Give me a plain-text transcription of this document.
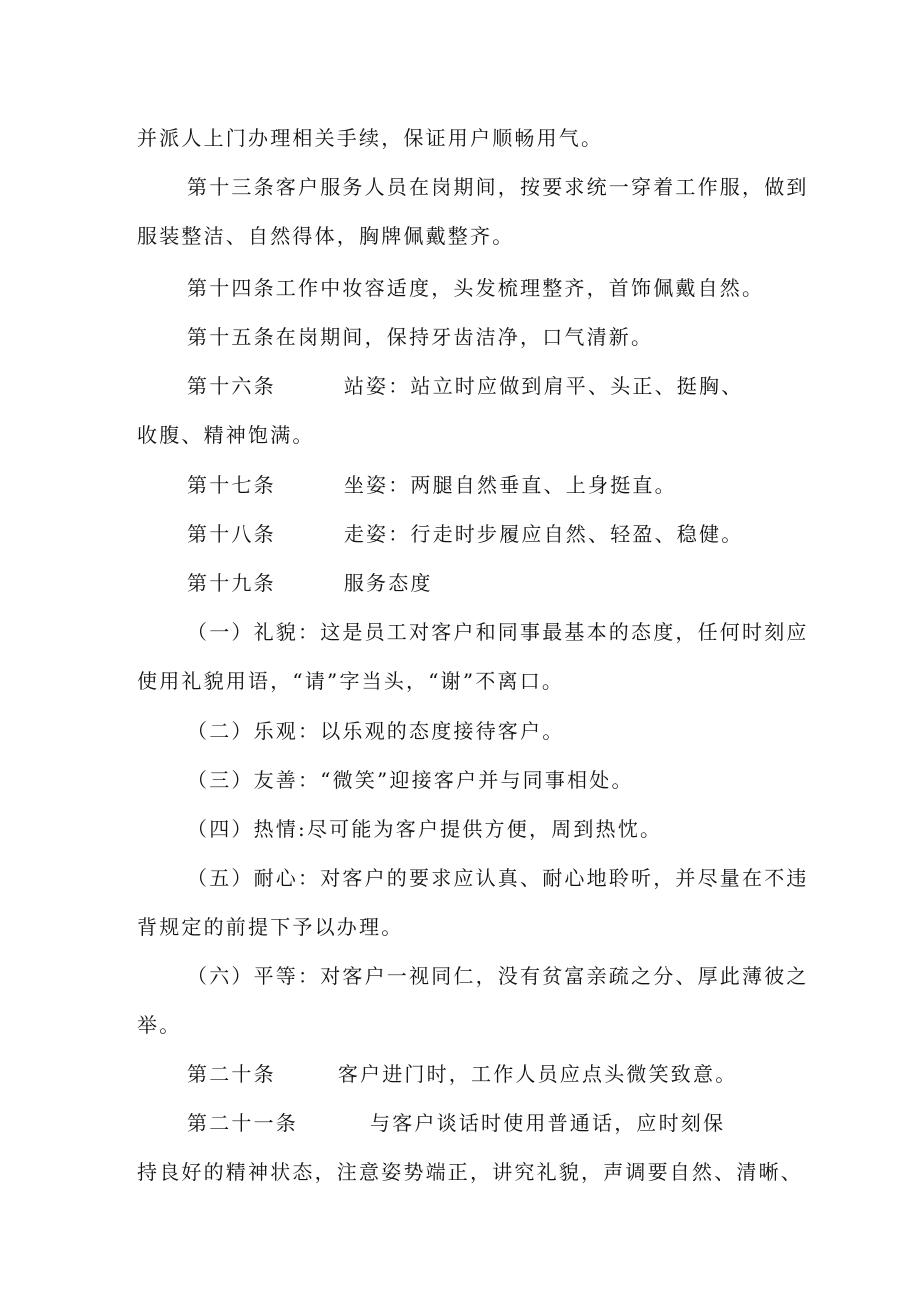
并派人上门办理相关手续，保证用户顺畅用气。
第十三条客户服务人员在岗期间，按要求统一穿着工作服，做到
服装整洁、自然得体，胸牌佩戴整齐。
第十四条工作中妆容适度，头发梳理整齐，首饰佩戴自然。
第十五条在岗期间，保持牙齿洁净，口气清新。
第十六条	站姿：站立时应做到肩平、头正、挺胸、
收腹、精神饱满。
第十七条	坐姿：两腿自然垂直、上身挺直。
第十八条	走姿：行走时步履应自然、轻盈、稳健。
第十九条	服务态度
（一）礼貌：这是员工对客户和同事最基本的态度，任何时刻应
使用礼貌用语，“请”字当头，“谢”不离口。
（二）乐观：以乐观的态度接待客户。
（三）友善：“微笑”迎接客户并与同事相处。
（四）热情:尽可能为客户提供方便，周到热忱。
（五）耐心：对客户的要求应认真、耐心地聆听，并尽量在不违
背规定的前提下予以办理。
（六）平等：对客户一视同仁，没有贫富亲疏之分、厚此薄彼之
举。
第二十条	客户进门时，工作人员应点头微笑致意。
第二十一条	与客户谈话时使用普通话，应时刻保
持良好的精神状态，注意姿势端正，讲究礼貌，声调要自然、清晰、
